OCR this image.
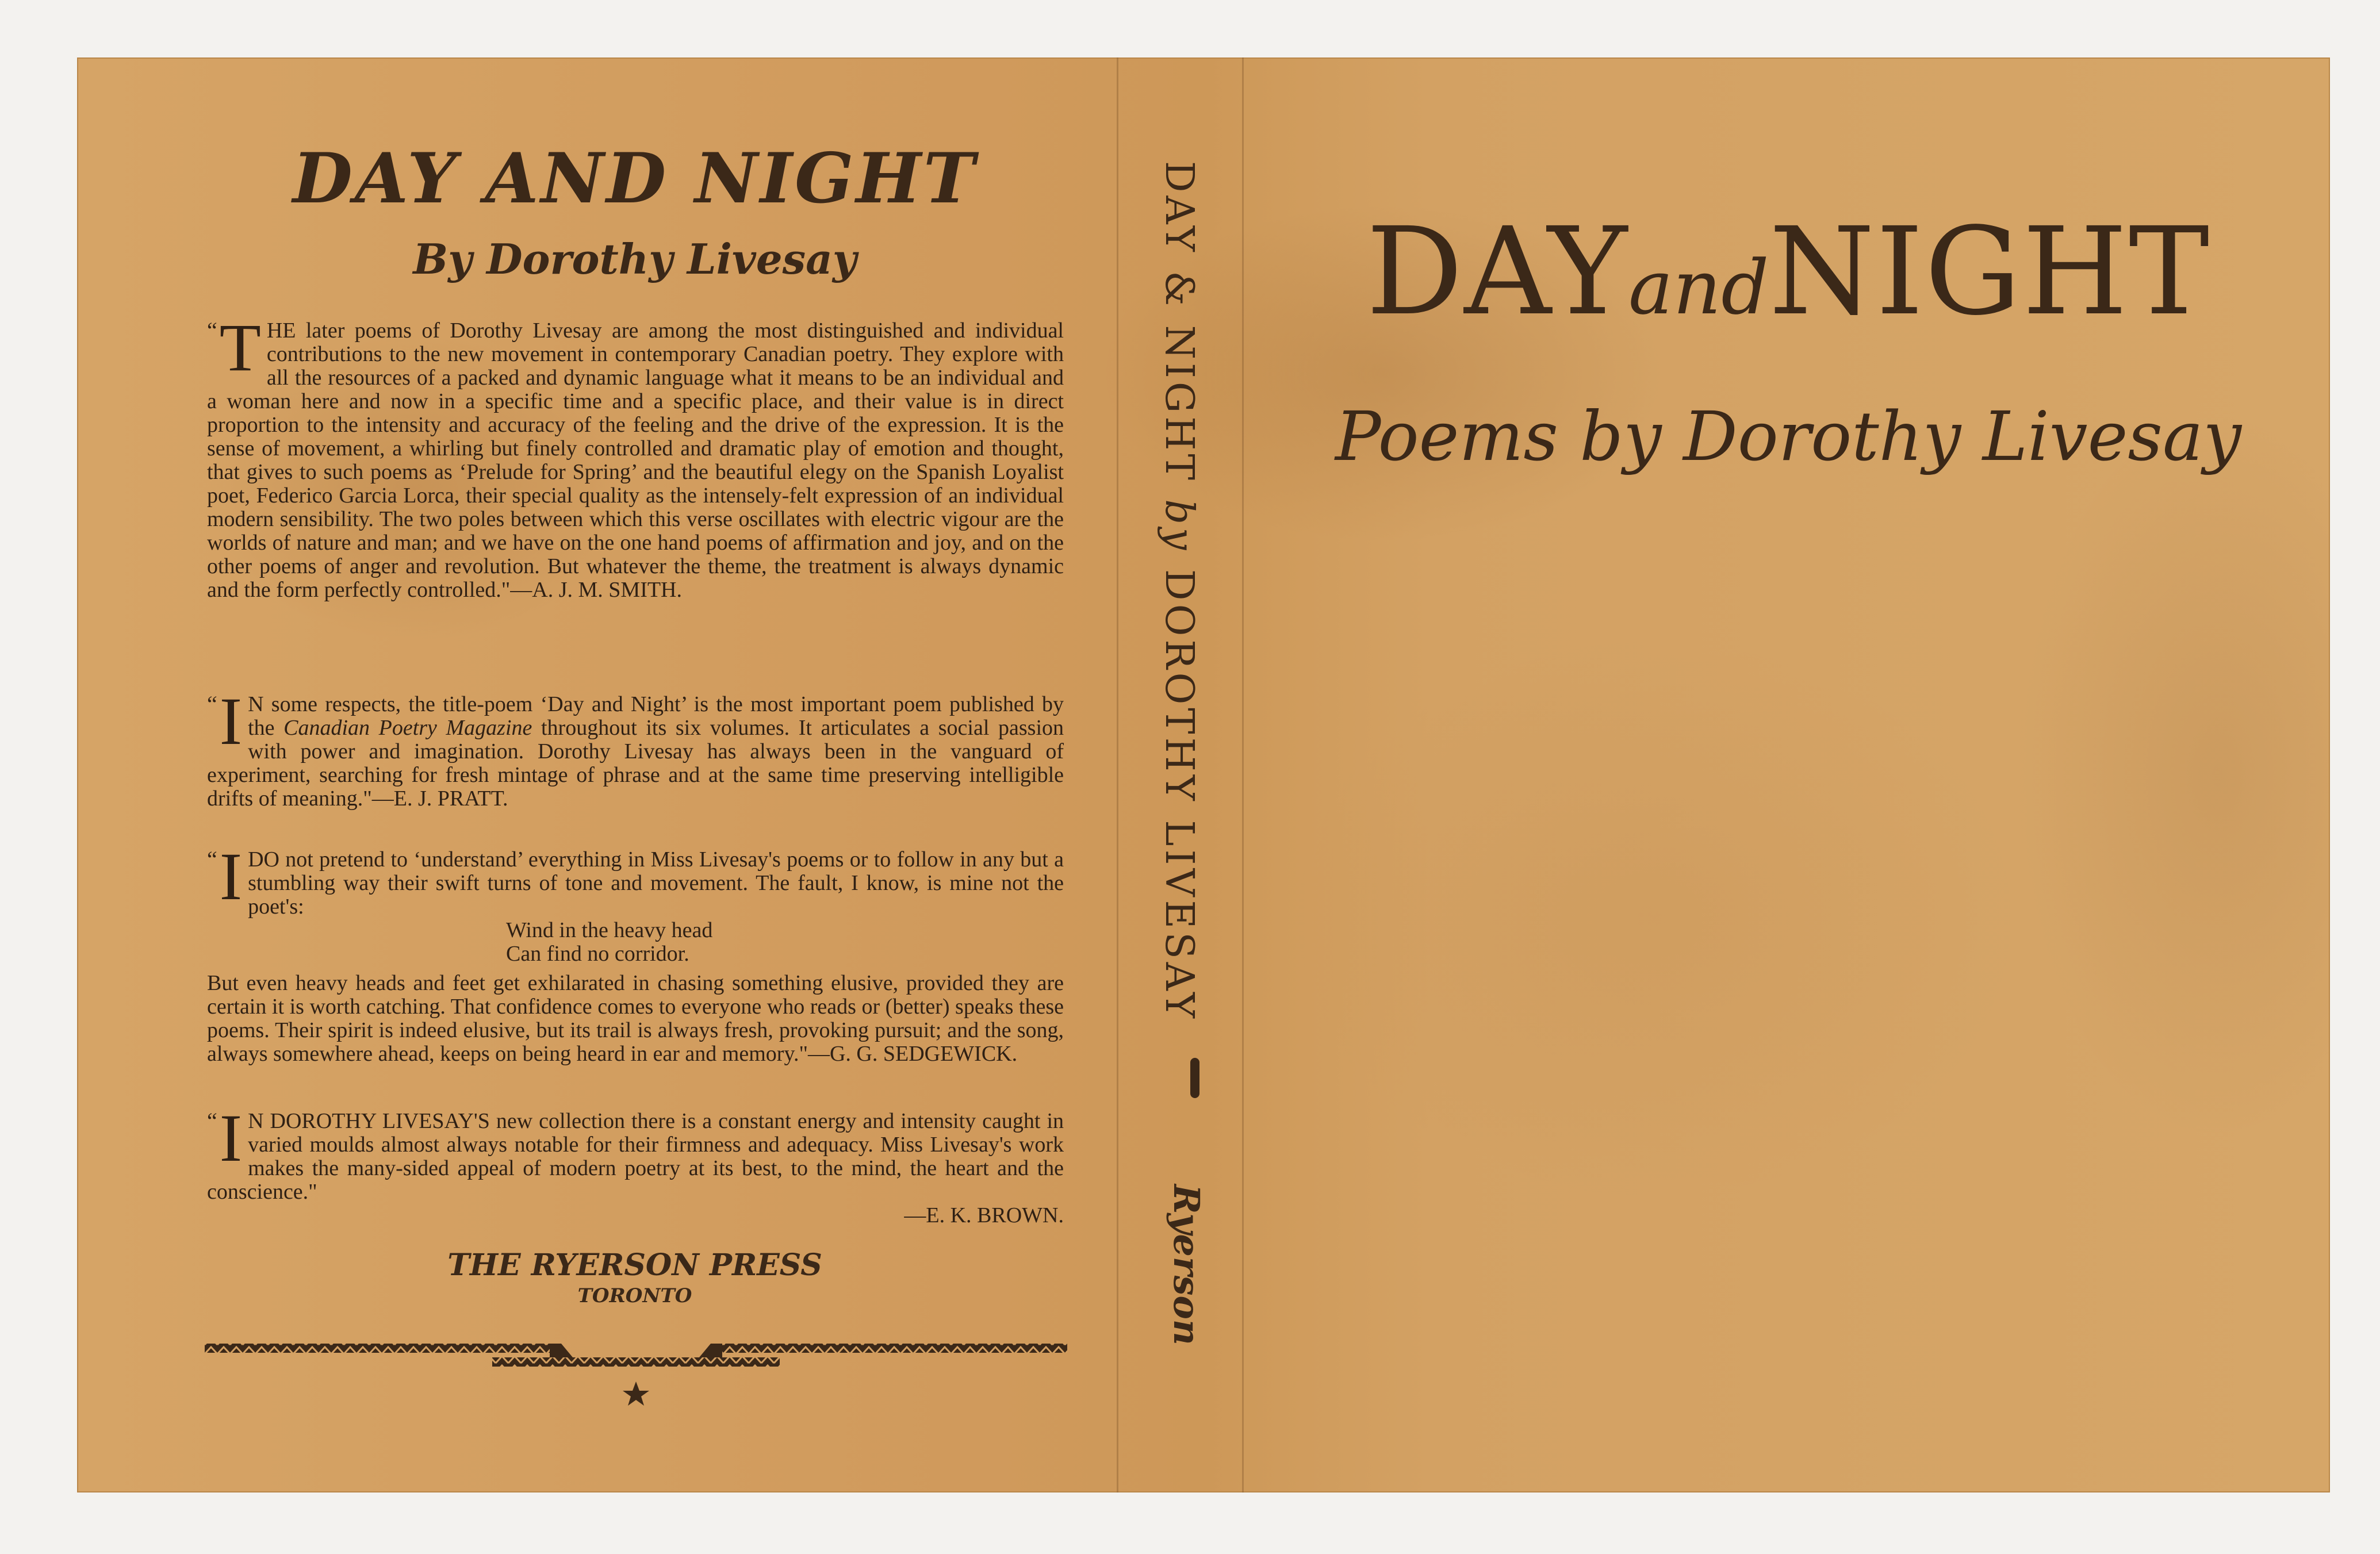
DAY AND NIGHT
By Dorothy Livesay

“ T HE later poems of Dorothy Livesay are among the most distinguished and individual contributions to the new movement in contemporary Canadian poetry. They explore with all the resources of a packed and dynamic language what it means to be an individual and a woman here and now in a specific time and a specific place, and their value is in direct proportion to the intensity and accuracy of the feeling and the drive of the expression. It is the sense of movement, a whirling but finely controlled and dramatic play of emotion and thought, that gives to such poems as ‘Prelude for Spring’ and the beautiful elegy on the Spanish Loyalist poet, Federico Garcia Lorca, their special quality as the intensely-felt expression of an individual modern sensibility. The two poles between which this verse oscillates with electric vigour are the worlds of nature and man; and we have on the one hand poems of affirmation and joy, and on the other poems of anger and revolution. But whatever the theme, the treatment is always dynamic and the form perfectly controlled."—A. J. M. SMITH.

“ I N some respects, the title-poem ‘Day and Night’ is the most important poem published by the Canadian Poetry Magazine throughout its six volumes. It articulates a social passion with power and imagination. Dorothy Livesay has always been in the vanguard of experiment, searching for fresh mintage of phrase and at the same time preserving intelligible drifts of meaning."—E. J. PRATT.

“ I DO not pretend to ‘understand’ everything in Miss Livesay's poems or to follow in any but a stumbling way their swift turns of tone and movement. The fault, I know, is mine not the poet's:

Wind in the heavy head

Can find no corridor.

But even heavy heads and feet get exhilarated in chasing something elusive, provided they are certain it is worth catching. That confidence comes to everyone who reads or (better) speaks these poems. Their spirit is indeed elusive, but its trail is always fresh, provoking pursuit; and the song, always somewhere ahead, keeps on being heard in ear and memory."—G. G. SEDGEWICK.

“ I N DOROTHY LIVESAY'S new collection there is a constant energy and intensity caught in varied moulds almost always notable for their firmness and adequacy. Miss Livesay's work makes the many-sided appeal of modern poetry at its best, to the mind, the heart and the conscience."

—E. K. BROWN.

THE RYERSON PRESS
TORONTO
DAY & NIGHT by DOROTHY LIVESAY
Ryerson
DAYandNIGHT
Poems by Dorothy Livesay
